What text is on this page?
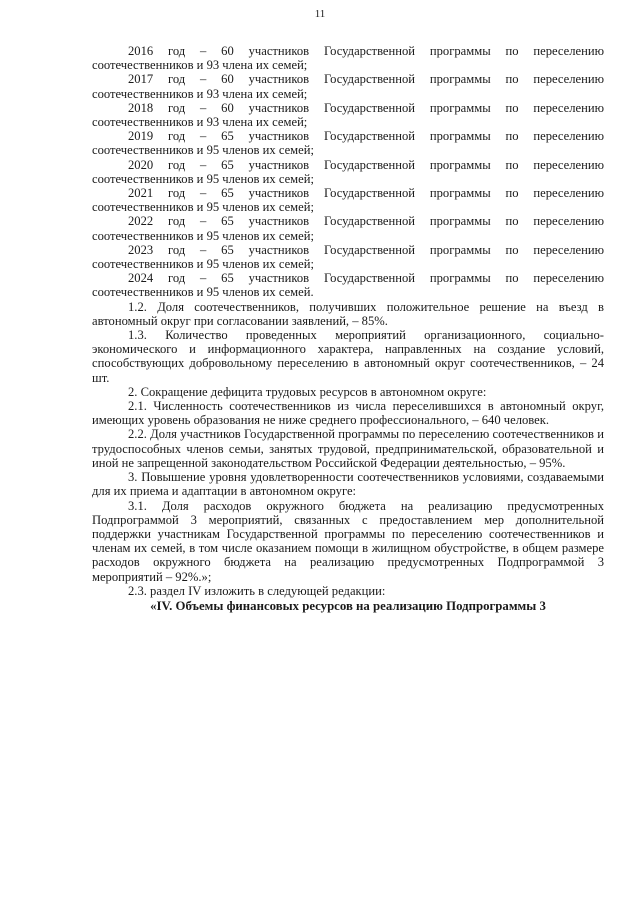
11

2016 год – 60 участников Государственной программы по переселению соотечественников и 93 члена их семей;

2017 год – 60 участников Государственной программы по переселению соотечественников и 93 члена их семей;

2018 год – 60 участников Государственной программы по переселению соотечественников и 93 члена их семей;

2019 год – 65 участников Государственной программы по переселению соотечественников и 95 членов их семей;

2020 год – 65 участников Государственной программы по переселению соотечественников и 95 членов их семей;

2021 год – 65 участников Государственной программы по переселению соотечественников и 95 членов их семей;

2022 год – 65 участников Государственной программы по переселению соотечественников и 95 членов их семей;

2023 год – 65 участников Государственной программы по переселению соотечественников и 95 членов их семей;

2024 год – 65 участников Государственной программы по переселению соотечественников и 95 членов их семей.

1.2. Доля соотечественников, получивших положительное решение на въезд в автономный округ при согласовании заявлений, – 85%.

1.3. Количество проведенных мероприятий организационного, социально-экономического и информационного характера, направленных на создание условий, способствующих добровольному переселению в автономный округ соотечественников, – 24 шт.

2. Сокращение дефицита трудовых ресурсов в автономном округе:

2.1. Численность соотечественников из числа переселившихся в автономный округ, имеющих уровень образования не ниже среднего профессионального, – 640 человек.

2.2. Доля участников Государственной программы по переселению соотечественников и трудоспособных членов семьи, занятых трудовой, предпринимательской, образовательной и иной не запрещенной законодательством Российской Федерации деятельностью, – 95%.

3. Повышение уровня удовлетворенности соотечественников условиями, создаваемыми для их приема и адаптации в автономном округе:

3.1. Доля расходов окружного бюджета на реализацию предусмотренных Подпрограммой 3 мероприятий, связанных с предоставлением мер дополнительной поддержки участникам Государственной программы по переселению соотечественников и членам их семей, в том числе оказанием помощи в жилищном обустройстве, в общем размере расходов окружного бюджета на реализацию предусмотренных Подпрограммой 3 мероприятий – 92%.»;

2.3. раздел IV изложить в следующей редакции:

«IV. Объемы финансовых ресурсов на реализацию Подпрограммы 3
